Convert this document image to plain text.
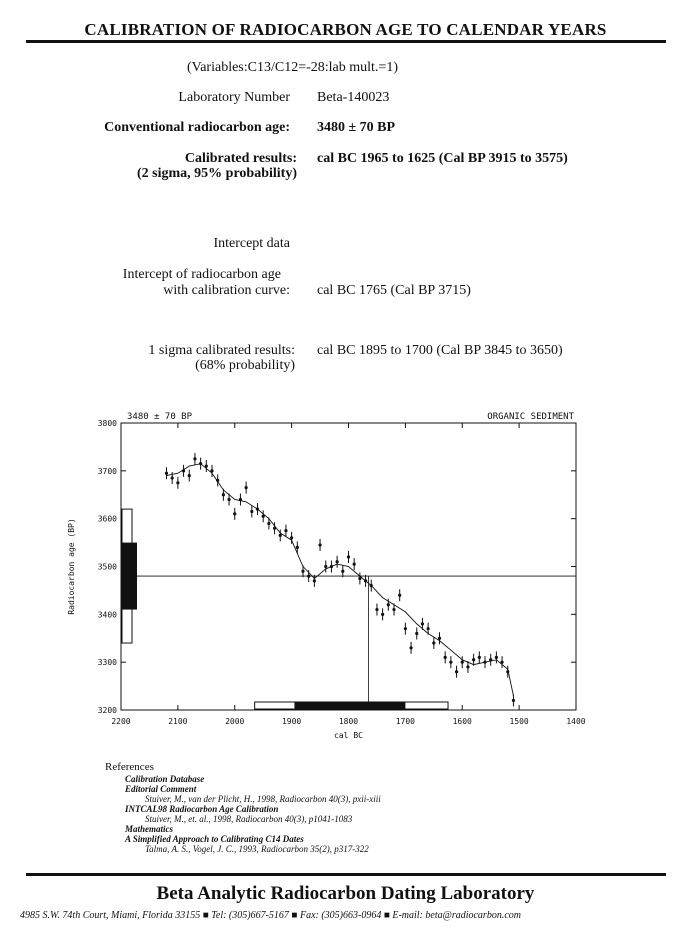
CALIBRATION OF RADIOCARBON AGE TO CALENDAR YEARS
(Variables:C13/C12=-28:lab mult.=1)
Laboratory Number Beta-140023
Conventional radiocarbon age: 3480 ± 70 BP
Calibrated results:
(2 sigma, 95% probability)
cal BC 1965 to 1625 (Cal BP 3915 to 3575)
Intercept data
Intercept of radiocarbon age
with calibration curve: cal BC 1765 (Cal BP 3715)
1 sigma calibrated results:
(68% probability)
cal BC 1895 to 1700 (Cal BP 3845 to 3650)
3480 ± 70 BP	ORGANIC SEDIMENT
3200
3300
3400
3500
3600
3700
3800
2200	2100	2000	1900	1800	1700	1600	1500	1400
cal BC
Radiocarbon age (BP)
References
Calibration Database
Editorial Comment
Stuiver, M., van der Plicht, H., 1998, Radiocarbon 40(3), pxii-xiii
INTCAL98 Radiocarbon Age Calibration
Stuiver, M., et. al., 1998, Radiocarbon 40(3), p1041-1083
Mathematics
A Simplified Approach to Calibrating C14 Dates
Talma, A. S., Vogel, J. C., 1993, Radiocarbon 35(2), p317-322
Beta Analytic Radiocarbon Dating Laboratory
4985 S.W. 74th Court, Miami, Florida 33155 ■ Tel: (305)667-5167 ■ Fax: (305)663-0964 ■ E-mail: beta@radiocarbon.com
